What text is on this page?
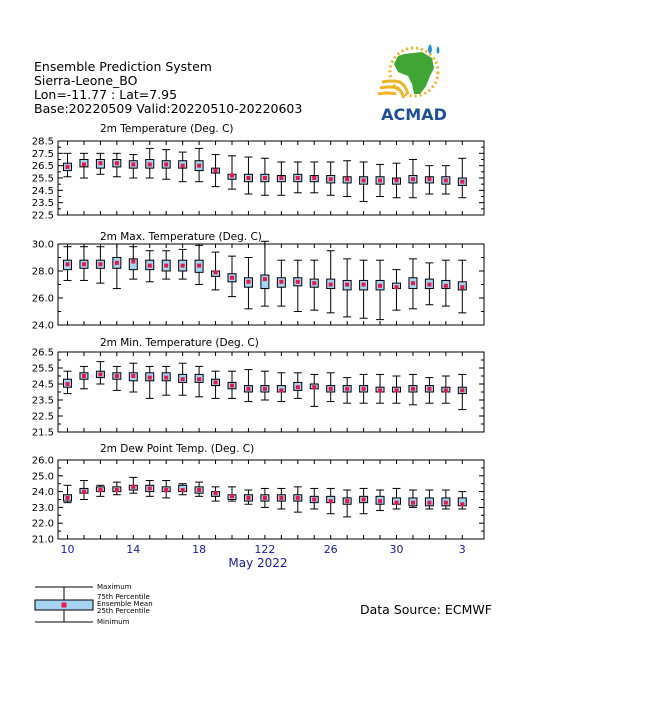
Ensemble Prediction System
Sierra-Leone_BO
Lon=-11.77 : Lat=7.95
Base:20220509 Valid:20220510-20220603	ACMAD
2m Temperature (Deg. C)
28.5
27.5
26.5
25.5
24.5
23.5
22.5
2m Max. Temperature (Deg. C)
30.0
28.0
26.0
24.0
2m Min. Temperature (Deg. C)
26.5
25.5
24.5
23.5
22.5
21.5
2m Dew Point Temp. (Deg. C)
26.0
25.0
24.0
23.0
22.0
21.0
10	14	18	122	26	30	3
May 2022
Maximum
75th Percentile
Ensemble Mean
25th Percentile
Minimum
Data Source: ECMWF
